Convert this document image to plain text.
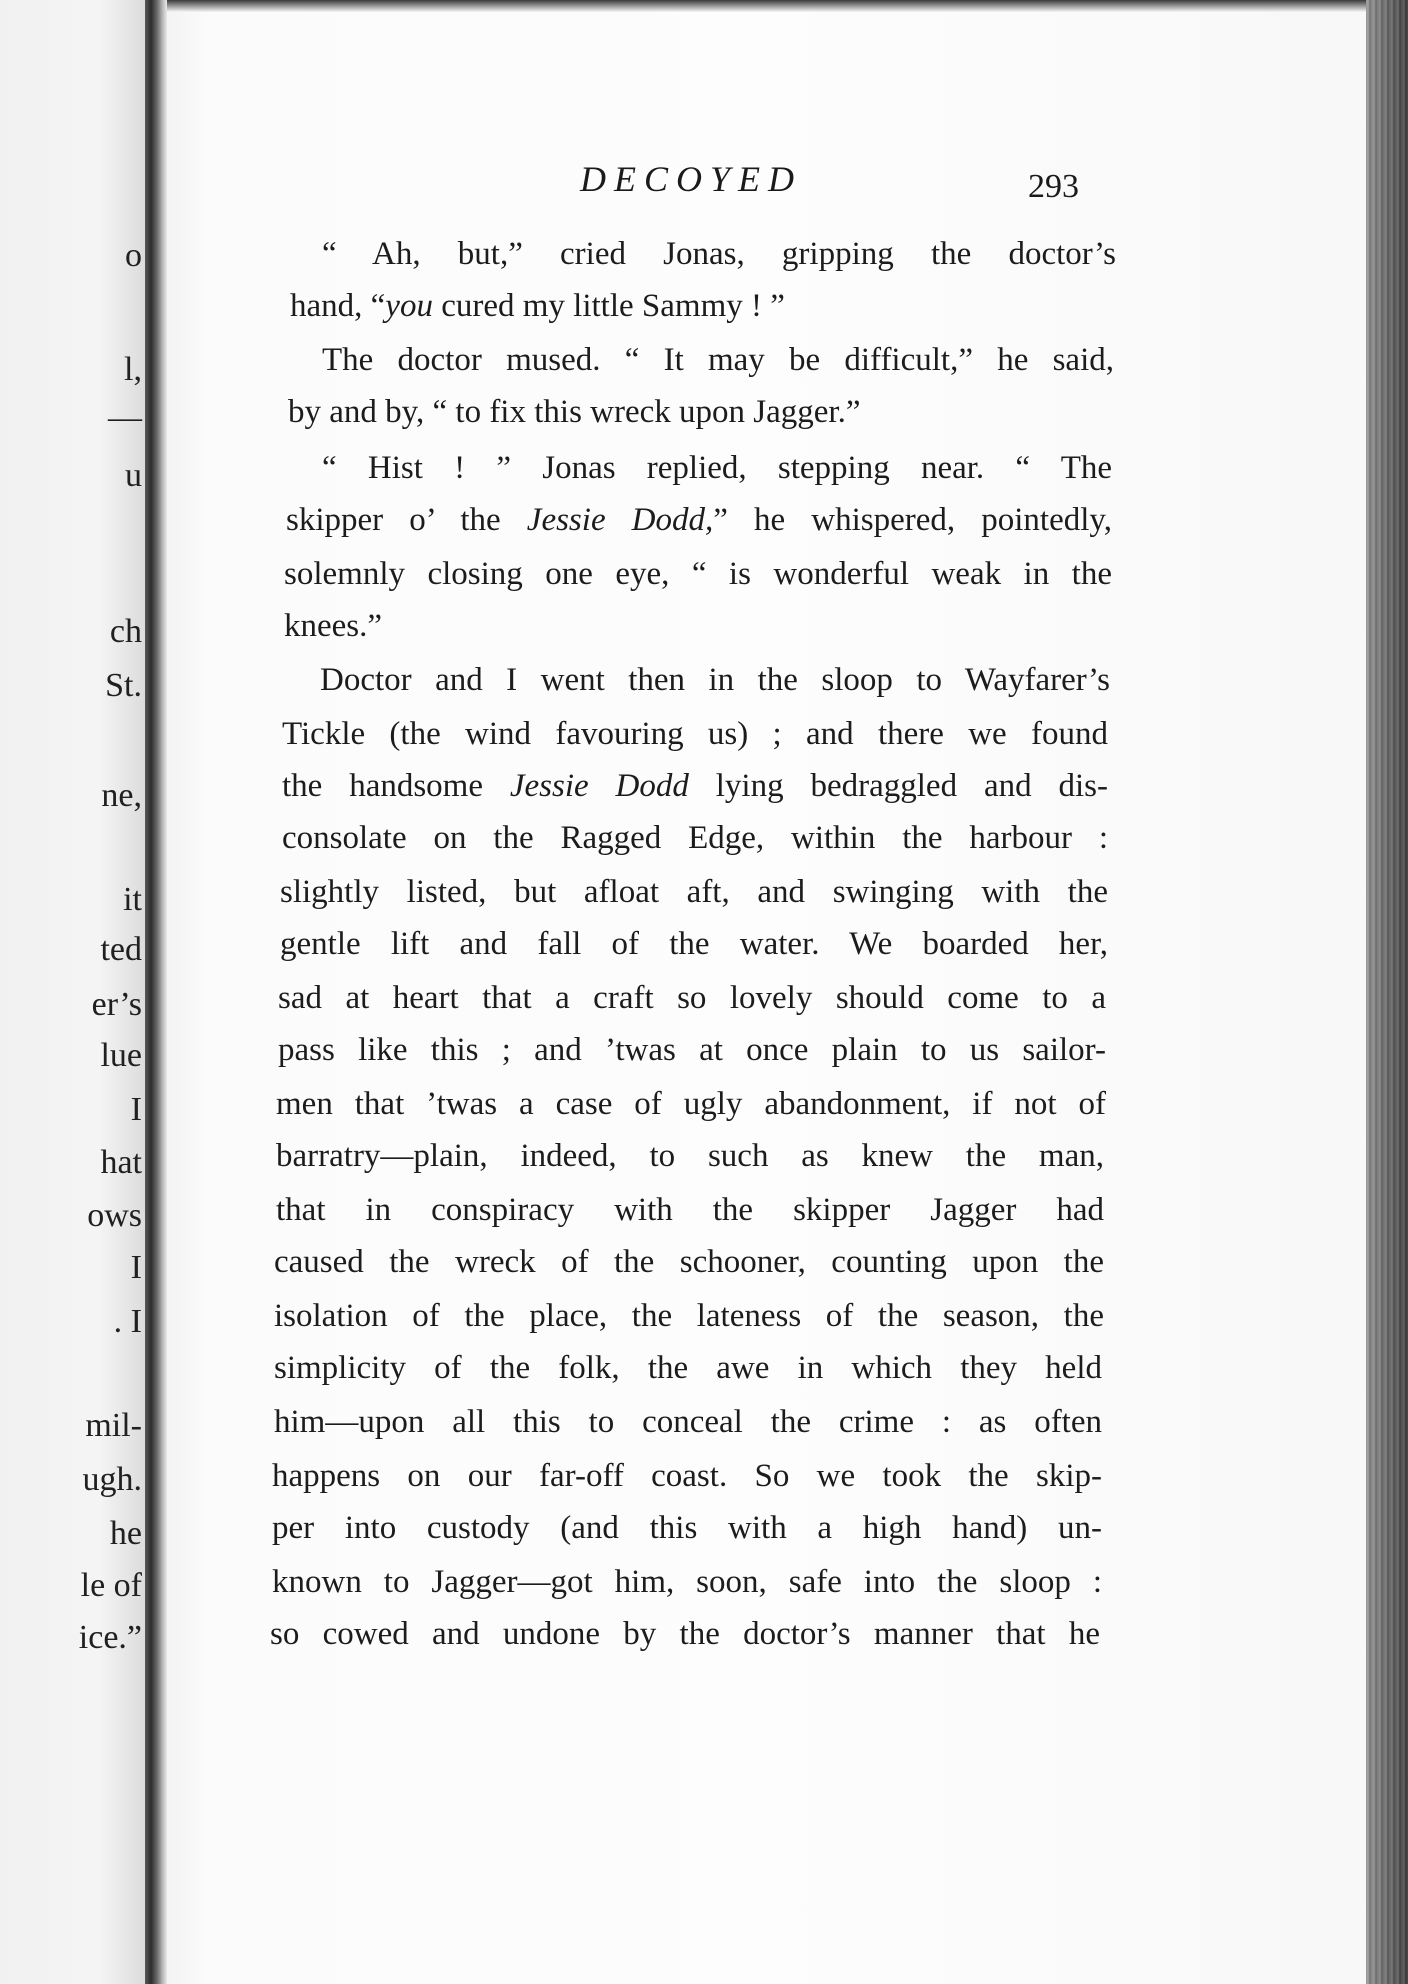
o
l,
—
u
ch
St.
ne,
it
ted
er’s
lue
I
hat
ows
I
. I
mil-
ugh.
he
le of
ice.”
DECOYED	293
“ Ah, but,” cried Jonas, gripping the doctor’s
hand, “you cured my little Sammy ! ”
The doctor mused. “ It may be difficult,” he said,
by and by, “ to fix this wreck upon Jagger.”
“ Hist ! ” Jonas replied, stepping near. “ The
skipper o’ the Jessie Dodd,” he whispered, pointedly,
solemnly closing one eye, “ is wonderful weak in the
knees.”
Doctor and I went then in the sloop to Wayfarer’s
Tickle (the wind favouring us) ; and there we found
the handsome Jessie Dodd lying bedraggled and dis-
consolate on the Ragged Edge, within the harbour :
slightly listed, but afloat aft, and swinging with the
gentle lift and fall of the water. We boarded her,
sad at heart that a craft so lovely should come to a
pass like this ; and ’twas at once plain to us sailor-
men that ’twas a case of ugly abandonment, if not of
barratry—plain, indeed, to such as knew the man,
that in conspiracy with the skipper Jagger had
caused the wreck of the schooner, counting upon the
isolation of the place, the lateness of the season, the
simplicity of the folk, the awe in which they held
him—upon all this to conceal the crime : as often
happens on our far-off coast. So we took the skip-
per into custody (and this with a high hand) un-
known to Jagger—got him, soon, safe into the sloop :
so cowed and undone by the doctor’s manner that he
